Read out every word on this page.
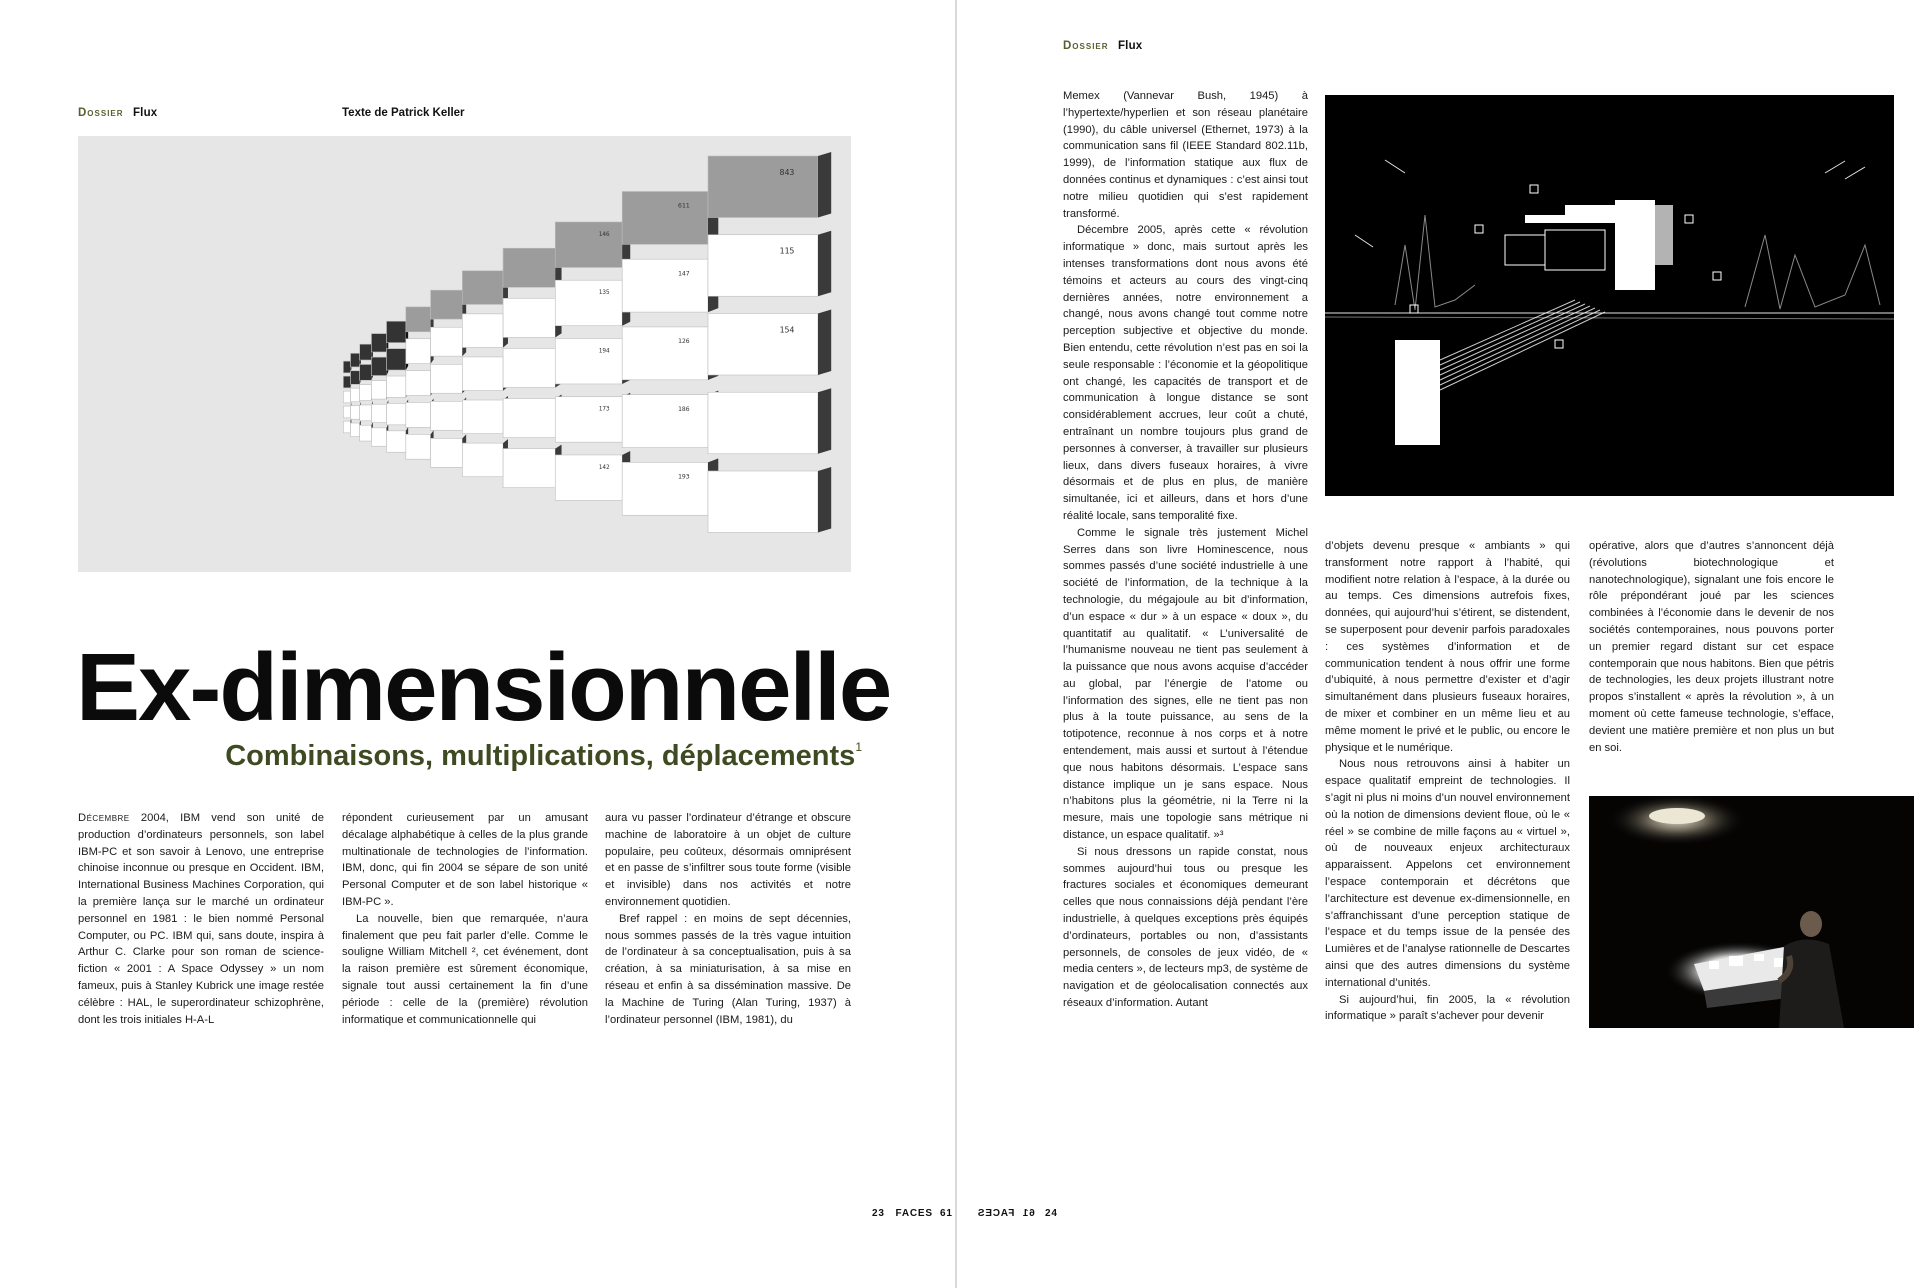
Dossier Flux	Texte de Patrick Keller
146
135
194
173
142
611
147
126
186
193
843
115
154
Ex-dimensionnelle
Combinaisons, multiplications, déplacements$^1$

Décembre 2004, IBM vend son unité de production d’ordinateurs personnels, son label IBM-PC et son savoir à Lenovo, une entreprise chinoise inconnue ou presque en Occident. IBM, International Business Machines Corporation, qui la première lança sur le marché un ordinateur personnel en 1981 : le bien nommé Personal Computer, ou PC. IBM qui, sans doute, inspira à Arthur C. Clarke pour son roman de science-fiction « 2001 : A Space Odyssey » un nom fameux, puis à Stanley Kubrick une image restée célèbre : HAL, le superordinateur schizophrène, dont les trois initiales H-A-L

répondent curieusement par un amusant décalage alphabétique à celles de la plus grande multinationale de technologies de l’information. IBM, donc, qui fin 2004 se sépare de son unité Personal Computer et de son label historique « IBM-PC ».

La nouvelle, bien que remarquée, n’aura finalement que peu fait parler d’elle. Comme le souligne William Mitchell ², cet événement, dont la raison première est sûrement économique, signale tout aussi certainement la fin d’une période : celle de la (première) révolution informatique et communicationnelle qui

aura vu passer l’ordinateur d’étrange et obscure machine de laboratoire à un objet de culture populaire, peu coûteux, désormais omniprésent et en passe de s’infiltrer sous toute forme (visible et invisible) dans nos activités et notre environnement quotidien.

Bref rappel : en moins de sept décennies, nous sommes passés de la très vague intuition de l’ordinateur à sa conceptualisation, puis à sa création, à sa miniaturisation, à sa mise en réseau et enfin à sa dissémination massive. De la Machine de Turing (Alan Turing, 1937) à l’ordinateur personnel (IBM, 1981), du

23 FACES 61
Dossier Flux

Memex (Vannevar Bush, 1945) à l’hypertexte/hyperlien et son réseau planétaire (1990), du câble universel (Ethernet, 1973) à la communication sans fil (IEEE Standard 802.11b, 1999), de l’information statique aux flux de données continus et dynamiques : c’est ainsi tout notre milieu quotidien qui s’est rapidement transformé.

Décembre 2005, après cette « révolution informatique » donc, mais surtout après les intenses transformations dont nous avons été témoins et acteurs au cours des vingt-cinq dernières années, notre environnement a changé, nous avons changé tout comme notre perception subjective et objective du monde. Bien entendu, cette révolution n’est pas en soi la seule responsable : l’économie et la géopolitique ont changé, les capacités de transport et de communication à longue distance se sont considérablement accrues, leur coût a chuté, entraînant un nombre toujours plus grand de personnes à converser, à travailler sur plusieurs lieux, dans divers fuseaux horaires, à vivre désormais et de plus en plus, de manière simultanée, ici et ailleurs, dans et hors d’une réalité locale, sans temporalité fixe.

Comme le signale très justement Michel Serres dans son livre Hominescence, nous sommes passés d’une société industrielle à une société de l’information, de la technique à la technologie, du mégajoule au bit d’information, d’un espace « dur » à un espace « doux », du quantitatif au qualitatif. « L’universalité de l’humanisme nouveau ne tient pas seulement à la puissance que nous avons acquise d’accéder au global, par l’énergie de l’atome ou l’information des signes, elle ne tient pas non plus à la toute puissance, au sens de la totipotence, reconnue à nos corps et à notre entendement, mais aussi et surtout à l’étendue que nous habitons désormais. L’espace sans distance implique un je sans espace. Nous n’habitons plus la géométrie, ni la Terre ni la mesure, mais une topologie sans métrique ni distance, un espace qualitatif. »³

Si nous dressons un rapide constat, nous sommes aujourd’hui tous ou presque les fractures sociales et économiques demeurant celles que nous connaissions déjà pendant l’ère industrielle, à quelques exceptions près équipés d’ordinateurs, portables ou non, d’assistants personnels, de consoles de jeux vidéo, de « media centers », de lecteurs mp3, de système de navigation et de géolocalisation connectés aux réseaux d’information. Autant

d’objets devenu presque « ambiants » qui transforment notre rapport à l’habité, qui modifient notre relation à l’espace, à la durée ou au temps. Ces dimensions autrefois fixes, données, qui aujourd’hui s’étirent, se distendent, se superposent pour devenir parfois paradoxales : ces systèmes d’information et de communication tendent à nous offrir une forme d’ubiquité, à nous permettre d’exister et d’agir simultanément dans plusieurs fuseaux horaires, de mixer et combiner en un même lieu et au même moment le privé et le public, ou encore le physique et le numérique.

Nous nous retrouvons ainsi à habiter un espace qualitatif empreint de technologies. Il s’agit ni plus ni moins d’un nouvel environnement où la notion de dimensions devient floue, où le « réel » se combine de mille façons au « virtuel », où de nouveaux enjeux architecturaux apparaissent. Appelons cet environnement l’espace contemporain et décrétons que l’architecture est devenue ex-dimensionnelle, en s’affranchissant d’une perception statique de l’espace et du temps issue de la pensée des Lumières et de l’analyse rationnelle de Descartes ainsi que des autres dimensions du système international d’unités.

Si aujourd’hui, fin 2005, la « révolution informatique » paraît s’achever pour devenir

opérative, alors que d’autres s’annoncent déjà (révolutions biotechnologique et nanotechnologique), signalant une fois encore le rôle prépondérant joué par les sciences combinées à l’économie dans le devenir de nos sociétés contemporaines, nous pouvons porter un premier regard distant sur cet espace contemporain que nous habitons. Bien que pétris de technologies, les deux projets illustrant notre propos s’installent « après la révolution », à un moment où cette fameuse technologie, s’efface, devient une matière première et non plus un but en soi.

FACES 61 24
